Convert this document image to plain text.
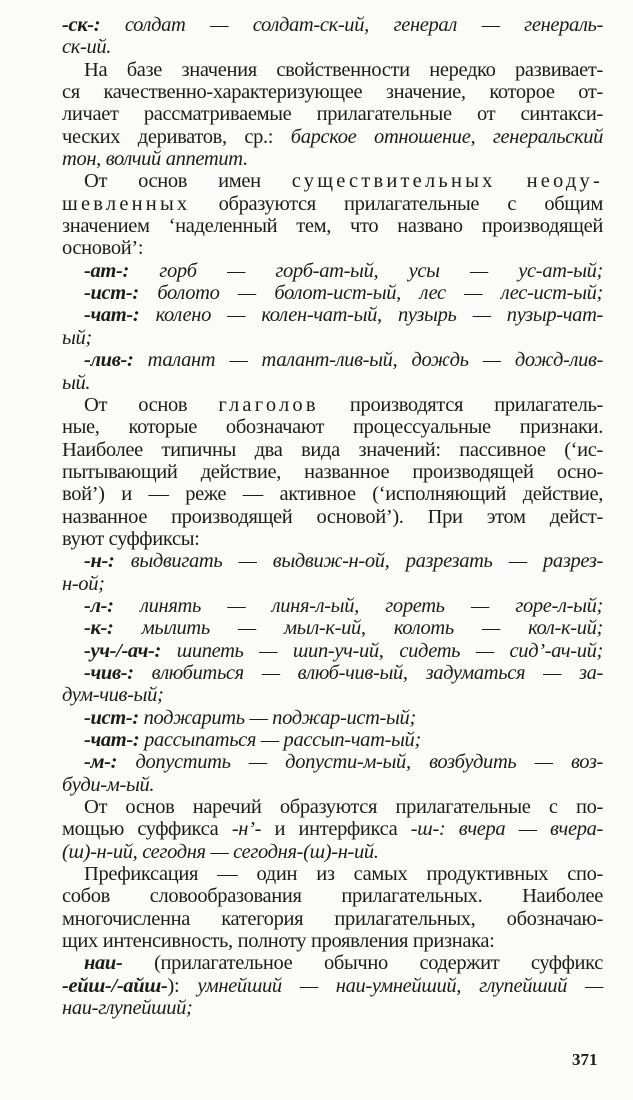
-ск-: солдат — солдат-ск-ий, генерал — генераль-
ск-ий.
На базе значения свойственности нередко развивает-
ся качественно-характеризующее значение, которое от-
личает рассматриваемые прилагательные от синтакси-
ческих дериватов, ср.: барское отношение, генеральский
тон, волчий аппетит.
От основ имен существительных неоду-
шевленных образуются прилагательные с общим
значением ‘наделенный тем, что названо производящей
основой’:
-ат-: горб — горб-ат-ый, усы — ус-ат-ый;
-ист-: болото — болот-ист-ый, лес — лес-ист-ый;
-чат-: колено — колен-чат-ый, пузырь — пузыр-чат-
ый;
-лив-: талант — талант-лив-ый, дождь — дожд-лив-
ый.
От основ глаголов производятся прилагатель-
ные, которые обозначают процессуальные признаки.
Наиболее типичны два вида значений: пассивное (‘ис-
пытывающий действие, названное производящей осно-
вой’) и — реже — активное (‘исполняющий действие,
названное производящей основой’). При этом дейст-
вуют суффиксы:
-н-: выдвигать — выдвиж-н-ой, разрезать — разрез-
н-ой;
-л-: линять — линя-л-ый, гореть — горе-л-ый;
-к-: мылить — мыл-к-ий, колоть — кол-к-ий;
-уч-/-ач-: шипеть — шип-уч-ий, сидеть — сид’-ач-ий;
-чив-: влюбиться — влюб-чив-ый, задуматься — за-
дум-чив-ый;
-ист-: поджарить — поджар-ист-ый;
-чат-: рассыпаться — рассып-чат-ый;
-м-: допустить — допусти-м-ый, возбудить — воз-
буди-м-ый.
От основ наречий образуются прилагательные с по-
мощью суффикса -н’- и интерфикса -ш-: вчера — вчера-
(ш)-н-ий, сегодня — сегодня-(ш)-н-ий.
Префиксация — один из самых продуктивных спо-
собов словообразования прилагательных. Наиболее
многочисленна категория прилагательных, обозначаю-
щих интенсивность, полноту проявления признака:
наи- (прилагательное обычно содержит суффикс
-ейш-/-айш-): умнейший — наи-умнейший, глупейший —
наи-глупейший;
371
